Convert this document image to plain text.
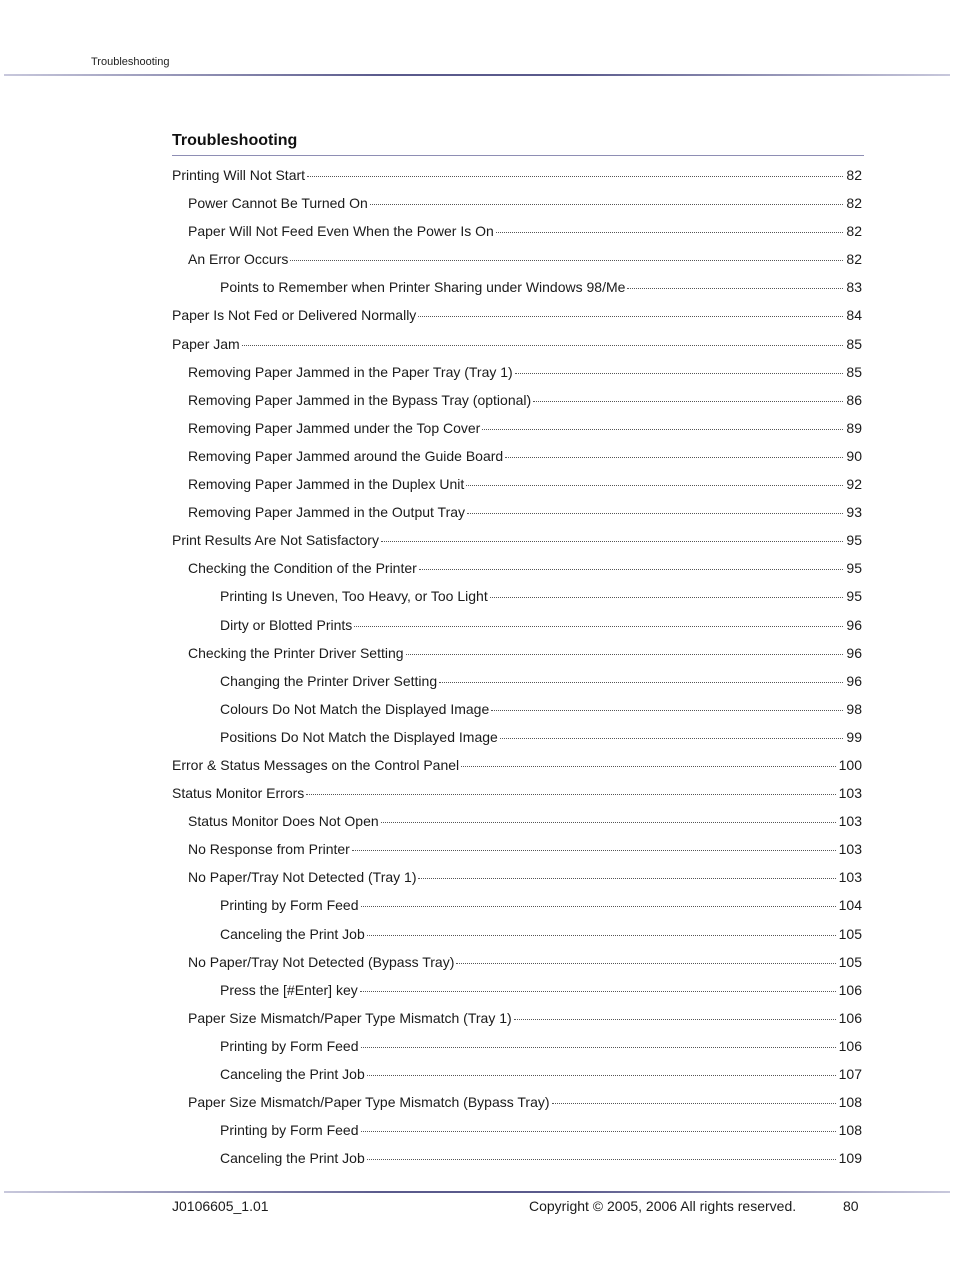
Troubleshooting
Troubleshooting
Printing Will Not Start	82
Power Cannot Be Turned On	82
Paper Will Not Feed Even When the Power Is On	82
An Error Occurs	82
Points to Remember when Printer Sharing under Windows 98/Me	83
Paper Is Not Fed or Delivered Normally	84
Paper Jam	85
Removing Paper Jammed in the Paper Tray (Tray 1)	85
Removing Paper Jammed in the Bypass Tray (optional)	86
Removing Paper Jammed under the Top Cover	89
Removing Paper Jammed around the Guide Board	90
Removing Paper Jammed in the Duplex Unit	92
Removing Paper Jammed in the Output Tray	93
Print Results Are Not Satisfactory	95
Checking the Condition of the Printer	95
Printing Is Uneven, Too Heavy, or Too Light	95
Dirty or Blotted Prints	96
Checking the Printer Driver Setting	96
Changing the Printer Driver Setting	96
Colours Do Not Match the Displayed Image	98
Positions Do Not Match the Displayed Image	99
Error & Status Messages on the Control Panel	100
Status Monitor Errors	103
Status Monitor Does Not Open	103
No Response from Printer	103
No Paper/Tray Not Detected (Tray 1)	103
Printing by Form Feed	104
Canceling the Print Job	105
No Paper/Tray Not Detected (Bypass Tray)	105
Press the [#Enter] key	106
Paper Size Mismatch/Paper Type Mismatch (Tray 1)	106
Printing by Form Feed	106
Canceling the Print Job	107
Paper Size Mismatch/Paper Type Mismatch (Bypass Tray)	108
Printing by Form Feed	108
Canceling the Print Job	109
J0106605_1.01	Copyright © 2005, 2006 All rights reserved.	80
